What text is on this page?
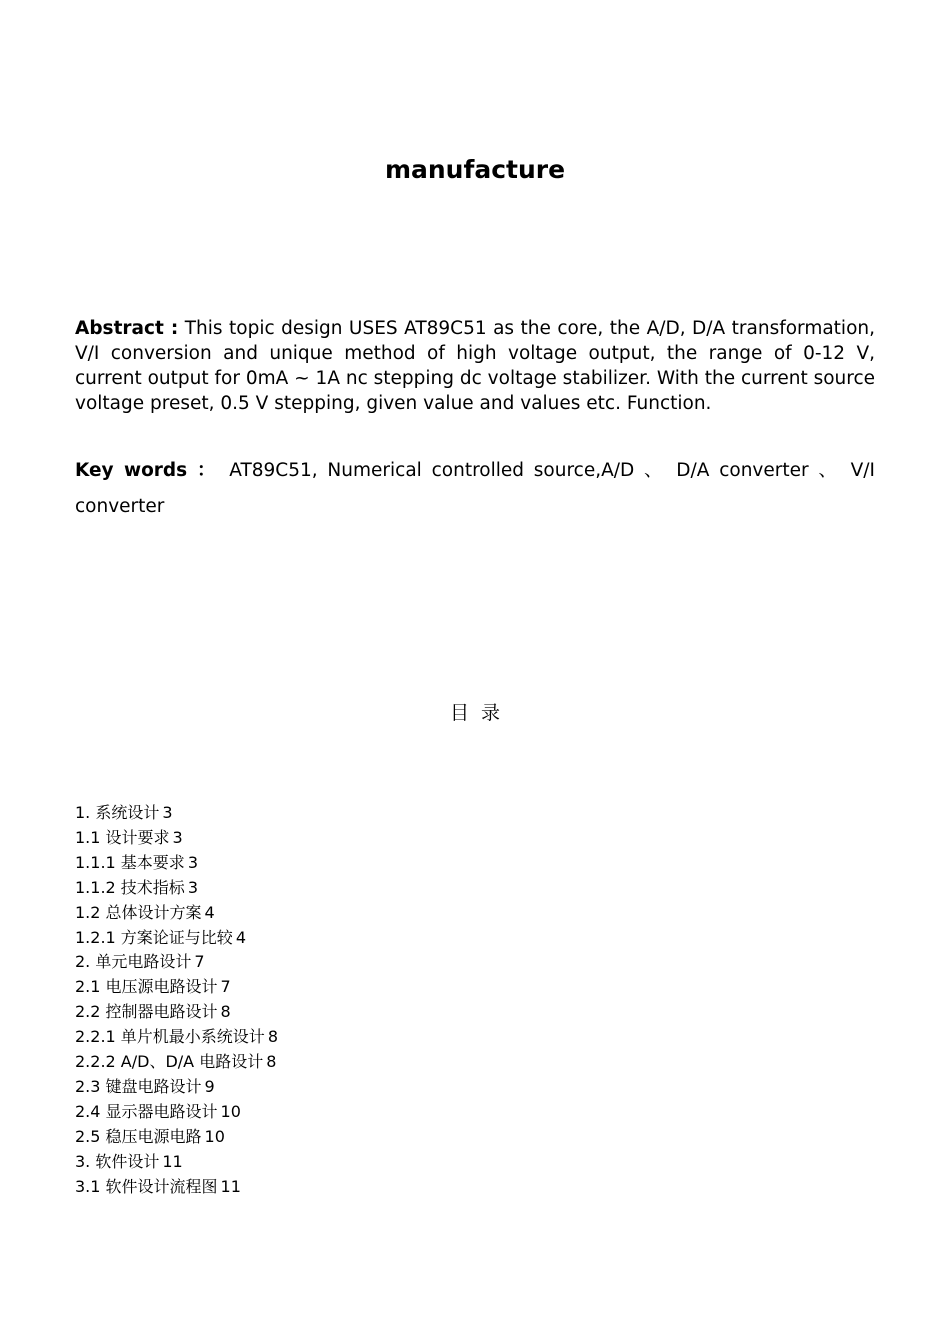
manufacture

Abstract : This topic design USES AT89C51 as the core, the A/D, D/A transformation, V/I conversion and unique method of high voltage output, the range of 0-12 V, current output for 0mA ~ 1A nc stepping dc voltage stabilizer. With the current source voltage preset, 0.5 V stepping, given value and values etc. Function.

Key words ： AT89C51, Numerical controlled source,A/D 、 D/A converter 、 V/I converter

目  录
1. 系统设计 3
1.1 设计要求 3
1.1.1 基本要求 3
1.1.2 技术指标 3
1.2 总体设计方案 4
1.2.1 方案论证与比较 4
2. 单元电路设计 7
2.1 电压源电路设计 7
2.2 控制器电路设计 8
2.2.1 单片机最小系统设计 8
2.2.2 A/D、D/A 电路设计 8
2.3 键盘电路设计 9
2.4 显示器电路设计 10
2.5 稳压电源电路 10
3. 软件设计 11
3.1 软件设计流程图 11
